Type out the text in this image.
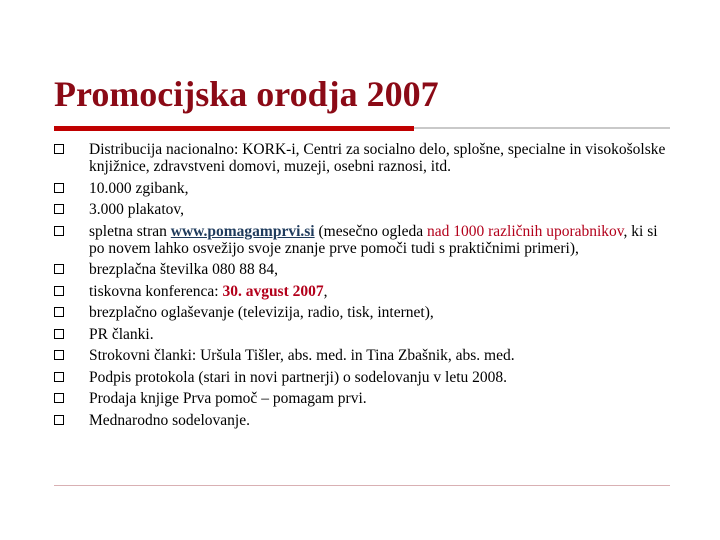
Promocijska orodja 2007
Distribucija nacionalno: KORK-i, Centri za socialno delo, splošne, specialne in visokošolske knjižnice, zdravstveni domovi, muzeji, osebni raznosi, itd.
10.000 zgibank,
3.000 plakatov,
spletna stran www.pomagamprvi.si (mesečno ogleda nad 1000 različnih uporabnikov, ki si po novem lahko osvežijo svoje znanje prve pomoči tudi s praktičnimi primeri),
brezplačna številka 080 88 84,
tiskovna konferenca: 30. avgust 2007,
brezplačno oglaševanje (televizija, radio, tisk, internet),
PR članki.
Strokovni članki: Uršula Tišler, abs. med. in Tina Zbašnik, abs. med.
Podpis protokola (stari in novi partnerji) o sodelovanju v letu 2008.
Prodaja knjige Prva pomoč – pomagam prvi.
Mednarodno sodelovanje.
